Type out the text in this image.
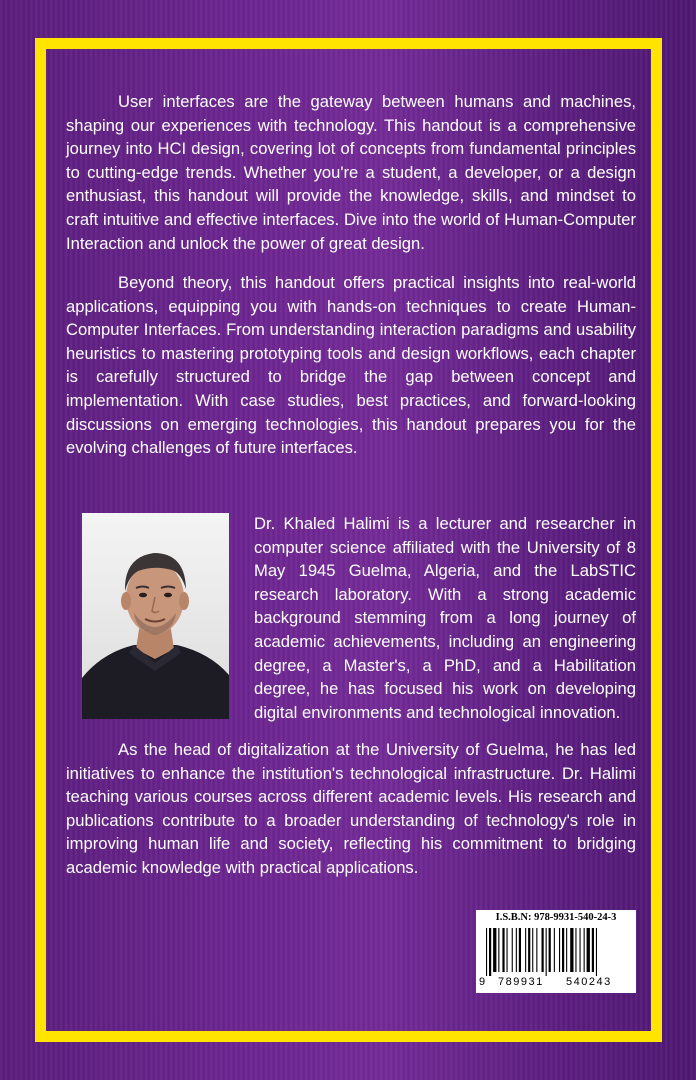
User interfaces are the gateway between humans and machines, shaping our experiences with technology. This handout is a comprehensive journey into HCI design, covering lot of concepts from fundamental principles to cutting-edge trends. Whether you're a student, a developer, or a design enthusiast, this handout will provide the knowledge, skills, and mindset to craft intuitive and effective interfaces. Dive into the world of Human-Computer Interaction and unlock the power of great design.

Beyond theory, this handout offers practical insights into real-world applications, equipping you with hands-on techniques to create Human-Computer Interfaces. From understanding interaction paradigms and usability heuristics to mastering prototyping tools and design workflows, each chapter is carefully structured to bridge the gap between concept and implementation. With case studies, best practices, and forward-looking discussions on emerging technologies, this handout prepares you for the evolving challenges of future interfaces.

Dr. Khaled Halimi is a lecturer and researcher in computer science affiliated with the University of 8 May 1945 Guelma, Algeria, and the LabSTIC research laboratory. With a strong academic background stemming from a long journey of academic achievements, including an engineering degree, a Master's, a PhD, and a Habilitation degree, he has focused his work on developing digital environments and technological innovation.

As the head of digitalization at the University of Guelma, he has led initiatives to enhance the institution's technological infrastructure. Dr. Halimi teaching various courses across different academic levels. His research and publications contribute to a broader understanding of technology's role in improving human life and society, reflecting his commitment to bridging academic knowledge with practical applications.

I.S.B.N: 978-9931-540-24-3
9 789931 540243
